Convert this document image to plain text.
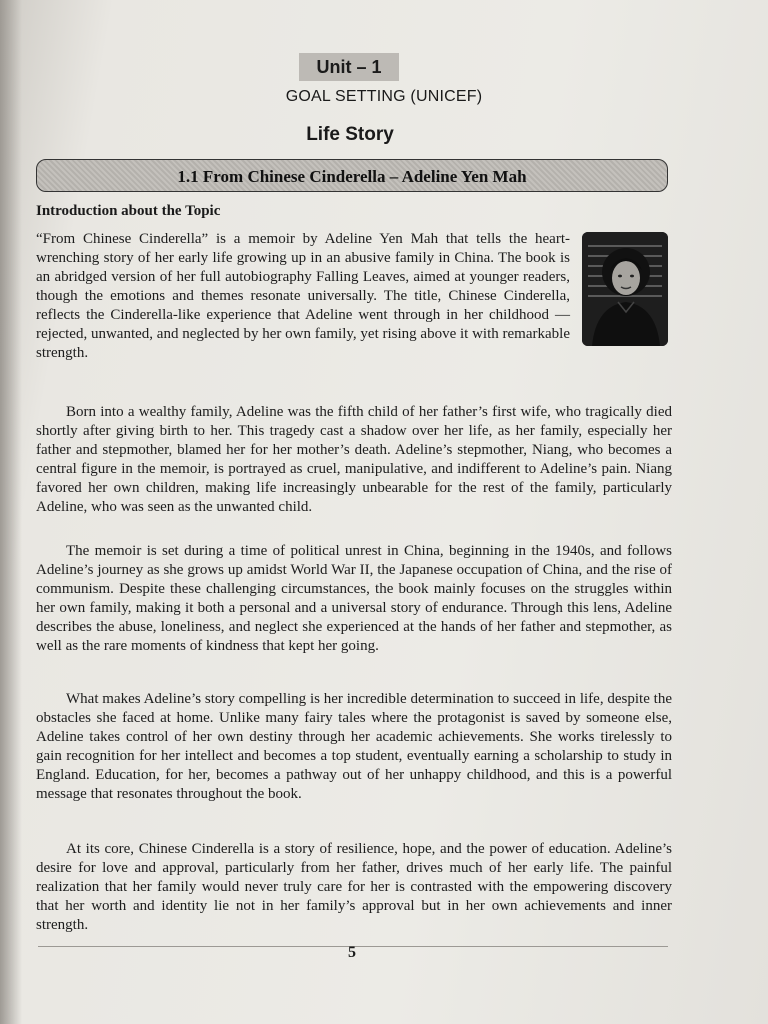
Unit – 1
GOAL SETTING (UNICEF)
Life Story
1.1 From Chinese Cinderella – Adeline Yen Mah
Introduction about the Topic

“From Chinese Cinderella” is a memoir by Adeline Yen Mah that tells the heart-wrenching story of her early life growing up in an abusive family in China. The book is an abridged version of her full autobiography Falling Leaves, aimed at younger readers, though the emotions and themes resonate universally. The title, Chinese Cinderella, reflects the Cinderella-like experience that Adeline went through in her childhood — rejected, unwanted, and neglected by her own family, yet rising above it with remarkable strength.

Born into a wealthy family, Adeline was the fifth child of her father’s first wife, who tragically died shortly after giving birth to her. This tragedy cast a shadow over her life, as her family, especially her father and stepmother, blamed her for her mother’s death. Adeline’s stepmother, Niang, who becomes a central figure in the memoir, is portrayed as cruel, manipulative, and indifferent to Adeline’s pain. Niang favored her own children, making life increasingly unbearable for the rest of the family, particularly Adeline, who was seen as the unwanted child.

The memoir is set during a time of political unrest in China, beginning in the 1940s, and follows Adeline’s journey as she grows up amidst World War II, the Japanese occupation of China, and the rise of communism. Despite these challenging circumstances, the book mainly focuses on the struggles within her own family, making it both a personal and a universal story of endurance. Through this lens, Adeline describes the abuse, loneliness, and neglect she experienced at the hands of her father and stepmother, as well as the rare moments of kindness that kept her going.

What makes Adeline’s story compelling is her incredible determination to succeed in life, despite the obstacles she faced at home. Unlike many fairy tales where the protagonist is saved by someone else, Adeline takes control of her own destiny through her academic achievements. She works tirelessly to gain recognition for her intellect and becomes a top student, eventually earning a scholarship to study in England. Education, for her, becomes a pathway out of her unhappy childhood, and this is a powerful message that resonates throughout the book.

At its core, Chinese Cinderella is a story of resilience, hope, and the power of education. Adeline’s desire for love and approval, particularly from her father, drives much of her early life. The painful realization that her family would never truly care for her is contrasted with the empowering discovery that her worth and identity lie not in her family’s approval but in her own achievements and inner strength.

5
